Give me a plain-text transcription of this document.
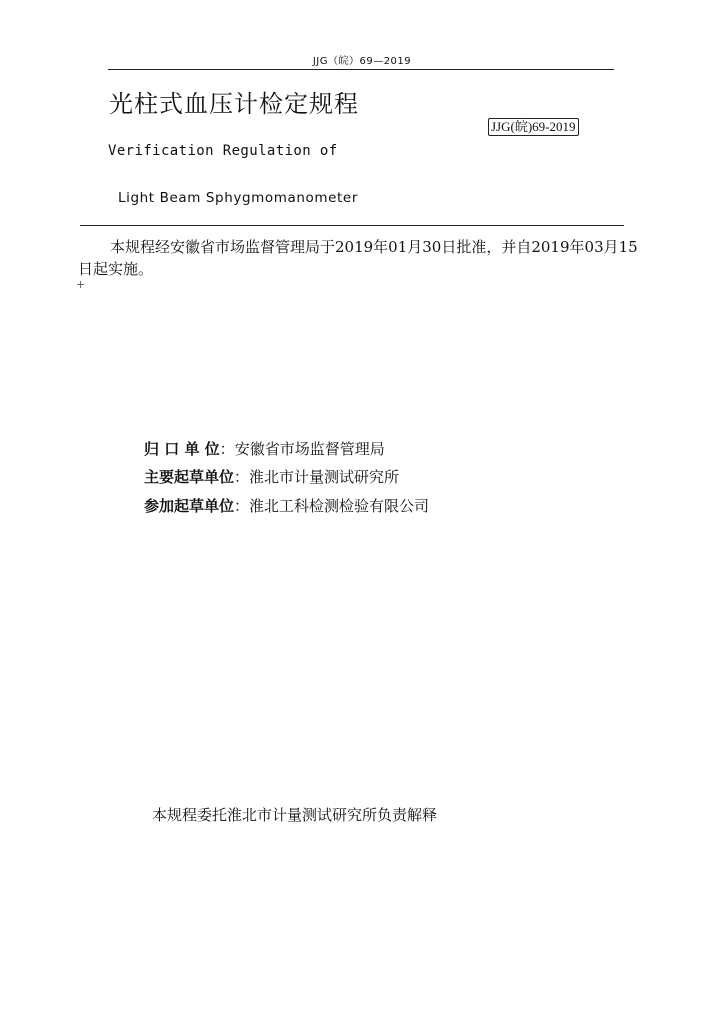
JJG（皖）69—2019
光柱式血压计检定规程
JJG(皖)69-2019
Verification Regulation of
Light Beam Sphygmomanometer
本规程经安徽省市场监督管理局于2019年01月30日批准，并自2019年03月15日起实施。
+
归 口 单 位：安徽省市场监督管理局
主要起草单位：淮北市计量测试研究所
参加起草单位：淮北工科检测检验有限公司
本规程委托淮北市计量测试研究所负责解释
